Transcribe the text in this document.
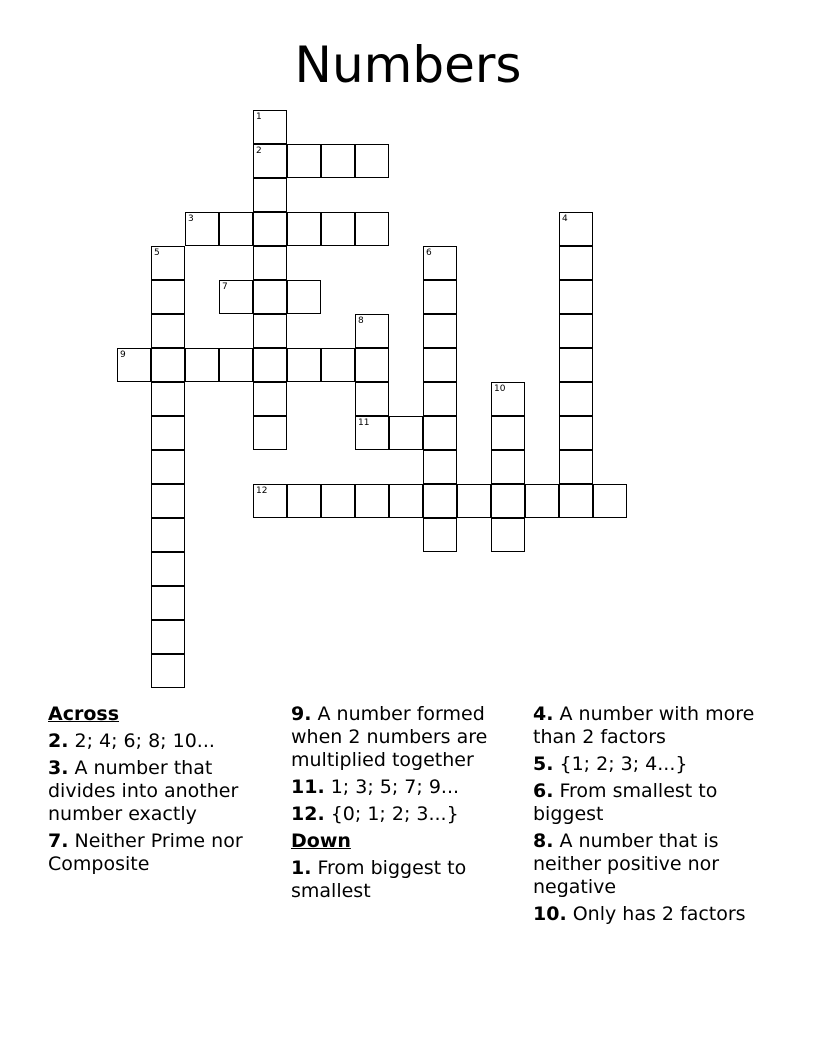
Numbers
1
2
3	4
5	6
7
8
9
10
11
12

Across

2. 2; 4; 6; 8; 10...

3. A number that divides into another number exactly

7. Neither Prime nor Composite

9. A number formed when 2 numbers are multiplied together

11. 1; 3; 5; 7; 9...

12. {0; 1; 2; 3...}

Down

1. From biggest to smallest

4. A number with more than 2 factors

5. {1; 2; 3; 4...}

6. From smallest to biggest

8. A number that is neither positive nor negative

10. Only has 2 factors
